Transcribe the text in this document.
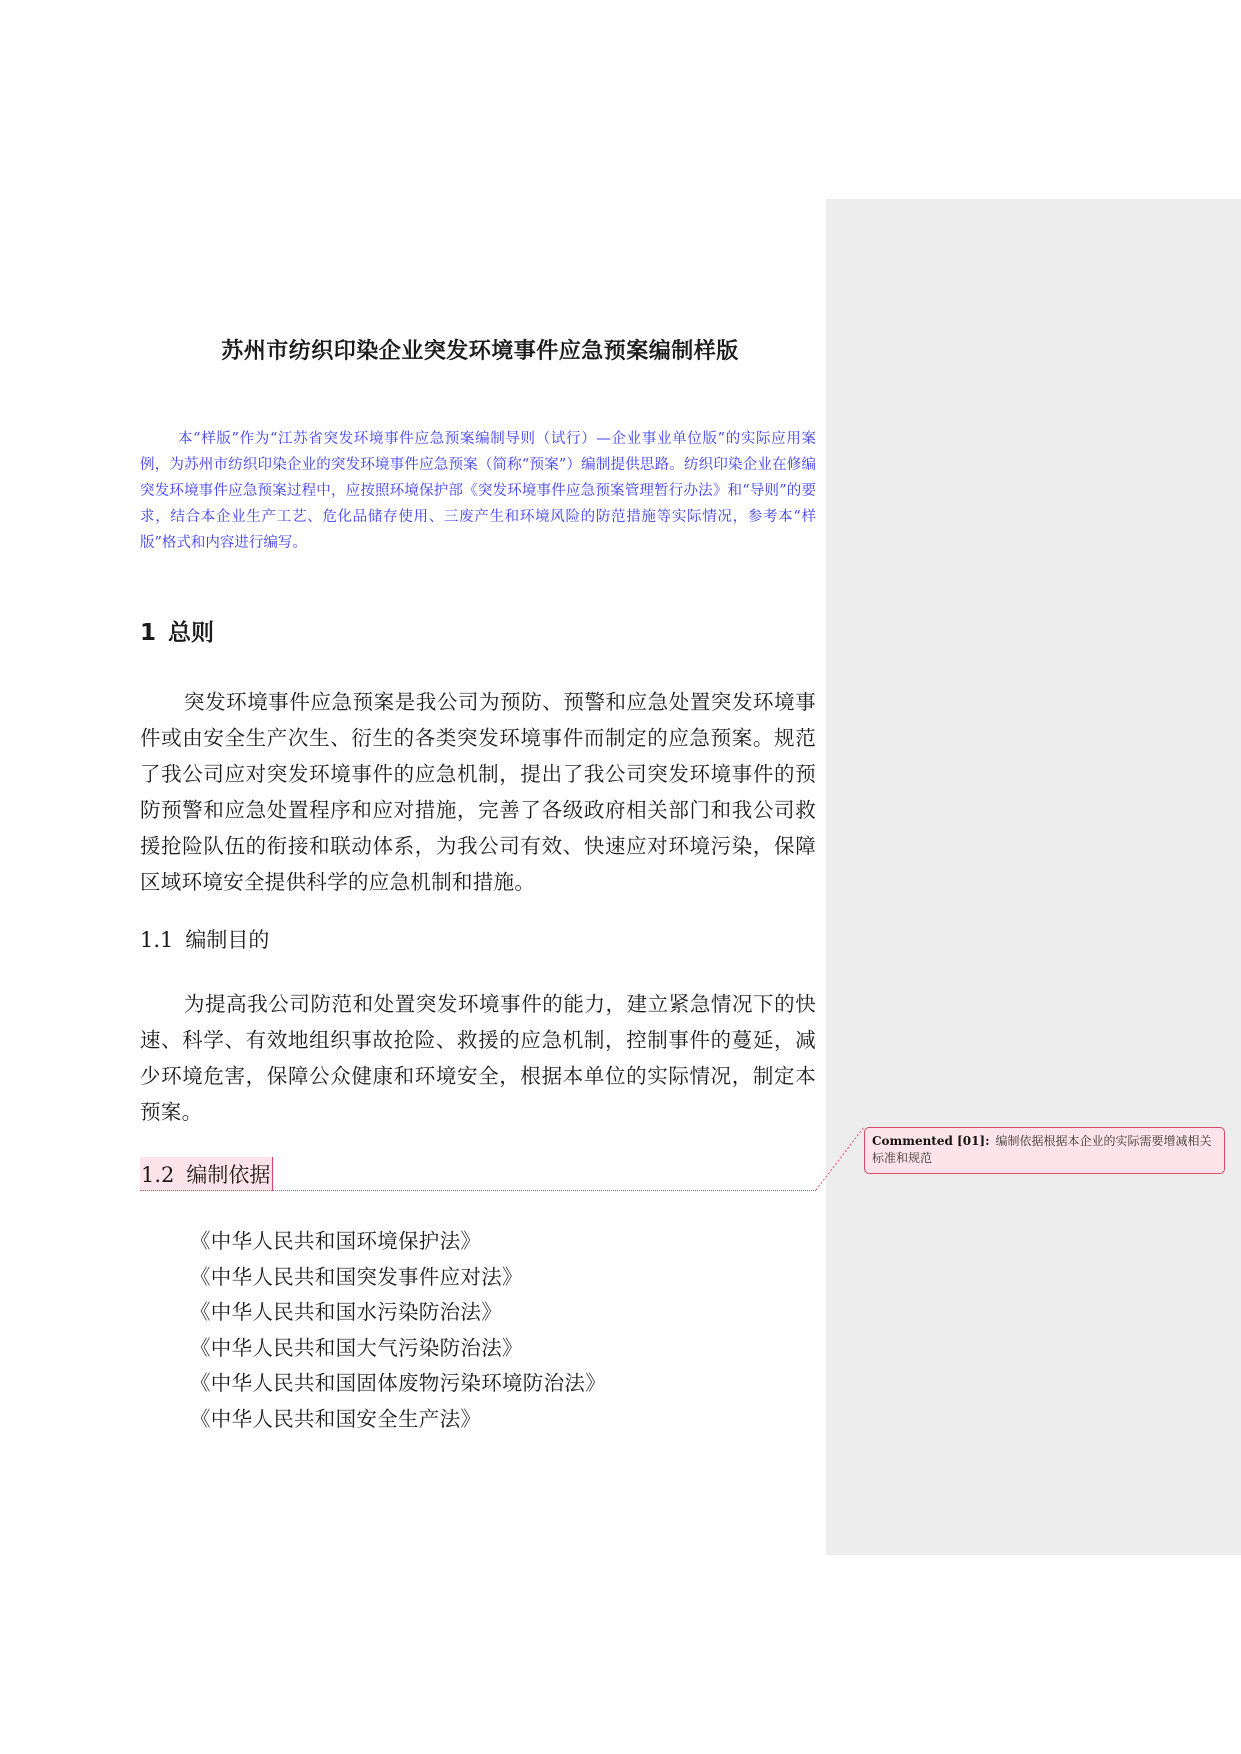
苏州市纺织印染企业突发环境事件应急预案编制样版

本“样版”作为“江苏省突发环境事件应急预案编制导则（试行）—企业事业单位版”的实际应用案例，为苏州市纺织印染企业的突发环境事件应急预案（简称“预案”）编制提供思路。纺织印染企业在修编突发环境事件应急预案过程中，应按照环境保护部《突发环境事件应急预案管理暂行办法》和“导则”的要求，结合本企业生产工艺、危化品储存使用、三废产生和环境风险的防范措施等实际情况，参考本“样版”格式和内容进行编写。

1 总则

突发环境事件应急预案是我公司为预防、预警和应急处置突发环境事件或由安全生产次生、衍生的各类突发环境事件而制定的应急预案。规范了我公司应对突发环境事件的应急机制，提出了我公司突发环境事件的预防预警和应急处置程序和应对措施，完善了各级政府相关部门和我公司救援抢险队伍的衔接和联动体系，为我公司有效、快速应对环境污染，保障区域环境安全提供科学的应急机制和措施。

1.1 编制目的

为提高我公司防范和处置突发环境事件的能力，建立紧急情况下的快速、科学、有效地组织事故抢险、救援的应急机制，控制事件的蔓延，减少环境危害，保障公众健康和环境安全，根据本单位的实际情况，制定本预案。

1.2 编制依据
Commented [01]: 编制依据根据本企业的实际需要增减相关标准和规范
《中华人民共和国环境保护法》
《中华人民共和国突发事件应对法》
《中华人民共和国水污染防治法》
《中华人民共和国大气污染防治法》
《中华人民共和国固体废物污染环境防治法》
《中华人民共和国安全生产法》
